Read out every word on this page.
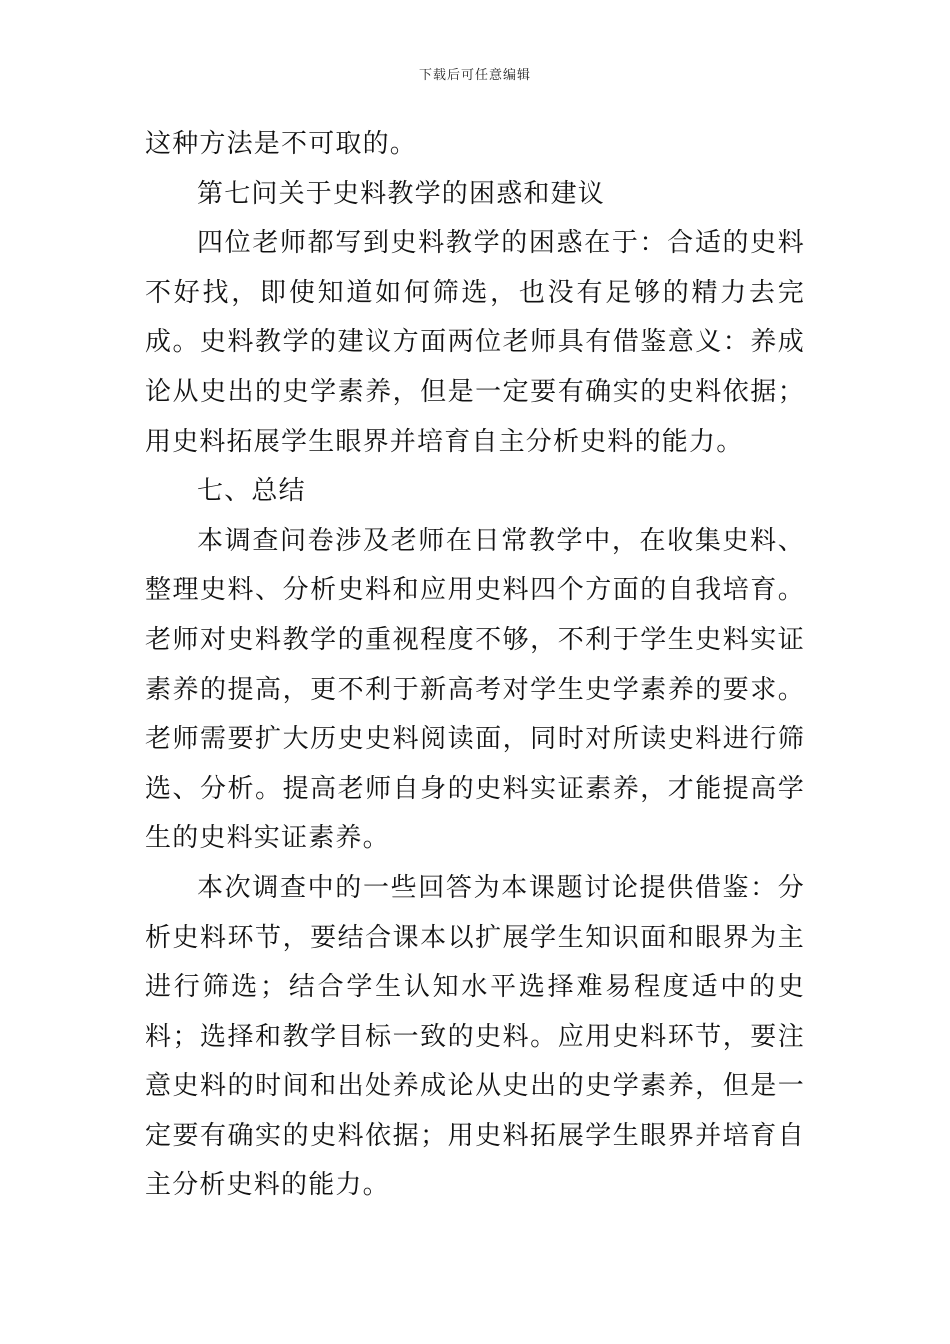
下载后可任意编辑

这种方法是不可取的。

第七问关于史料教学的困惑和建议

四位老师都写到史料教学的困惑在于：合适的史料不好找，即使知道如何筛选，也没有足够的精力去完成。史料教学的建议方面两位老师具有借鉴意义：养成论从史出的史学素养，但是一定要有确实的史料依据；用史料拓展学生眼界并培育自主分析史料的能力。

七、总结

本调查问卷涉及老师在日常教学中，在收集史料、整理史料、分析史料和应用史料四个方面的自我培育。老师对史料教学的重视程度不够，不利于学生史料实证素养的提高，更不利于新高考对学生史学素养的要求。老师需要扩大历史史料阅读面，同时对所读史料进行筛选、分析。提高老师自身的史料实证素养，才能提高学生的史料实证素养。

本次调查中的一些回答为本课题讨论提供借鉴：分析史料环节，要结合课本以扩展学生知识面和眼界为主进行筛选；结合学生认知水平选择难易程度适中的史料；选择和教学目标一致的史料。应用史料环节，要注意史料的时间和出处养成论从史出的史学素养，但是一定要有确实的史料依据；用史料拓展学生眼界并培育自主分析史料的能力。
